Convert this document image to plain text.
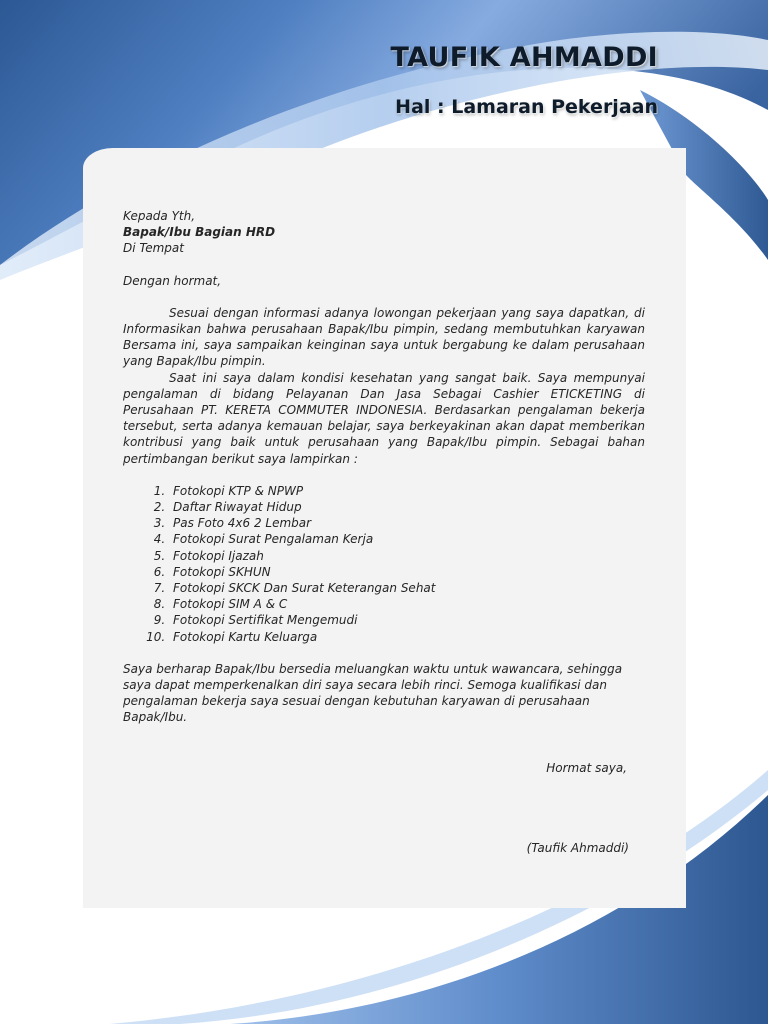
TAUFIK AHMADDI
Hal : Lamaran Pekerjaan

Kepada Yth,

Bapak/Ibu Bagian HRD

Di Tempat

Dengan hormat,

Sesuai dengan informasi adanya lowongan pekerjaan yang saya dapatkan, di Informasikan bahwa perusahaan Bapak/Ibu pimpin, sedang membutuhkan karyawan Bersama ini, saya sampaikan keinginan saya untuk bergabung ke dalam perusahaan yang Bapak/Ibu pimpin.

Saat ini saya dalam kondisi kesehatan yang sangat baik. Saya mempunyai pengalaman di bidang Pelayanan Dan Jasa Sebagai Cashier ETICKETING di Perusahaan PT. KERETA COMMUTER INDONESIA. Berdasarkan pengalaman bekerja tersebut, serta adanya kemauan belajar, saya berkeyakinan akan dapat memberikan kontribusi yang baik untuk perusahaan yang Bapak/Ibu pimpin. Sebagai bahan pertimbangan berikut saya lampirkan :

1. Fotokopi KTP & NPWP
2. Daftar Riwayat Hidup
3. Pas Foto 4x6 2 Lembar
4. Fotokopi Surat Pengalaman Kerja
5. Fotokopi Ijazah
6. Fotokopi SKHUN
7. Fotokopi SKCK Dan Surat Keterangan Sehat
8. Fotokopi SIM A & C
9. Fotokopi Sertifikat Mengemudi
10. Fotokopi Kartu Keluarga

Saya berharap Bapak/Ibu bersedia meluangkan waktu untuk wawancara, sehingga saya dapat memperkenalkan diri saya secara lebih rinci. Semoga kualifikasi dan pengalaman bekerja saya sesuai dengan kebutuhan karyawan di perusahaan Bapak/Ibu.

Hormat saya,

(Taufik Ahmaddi)
